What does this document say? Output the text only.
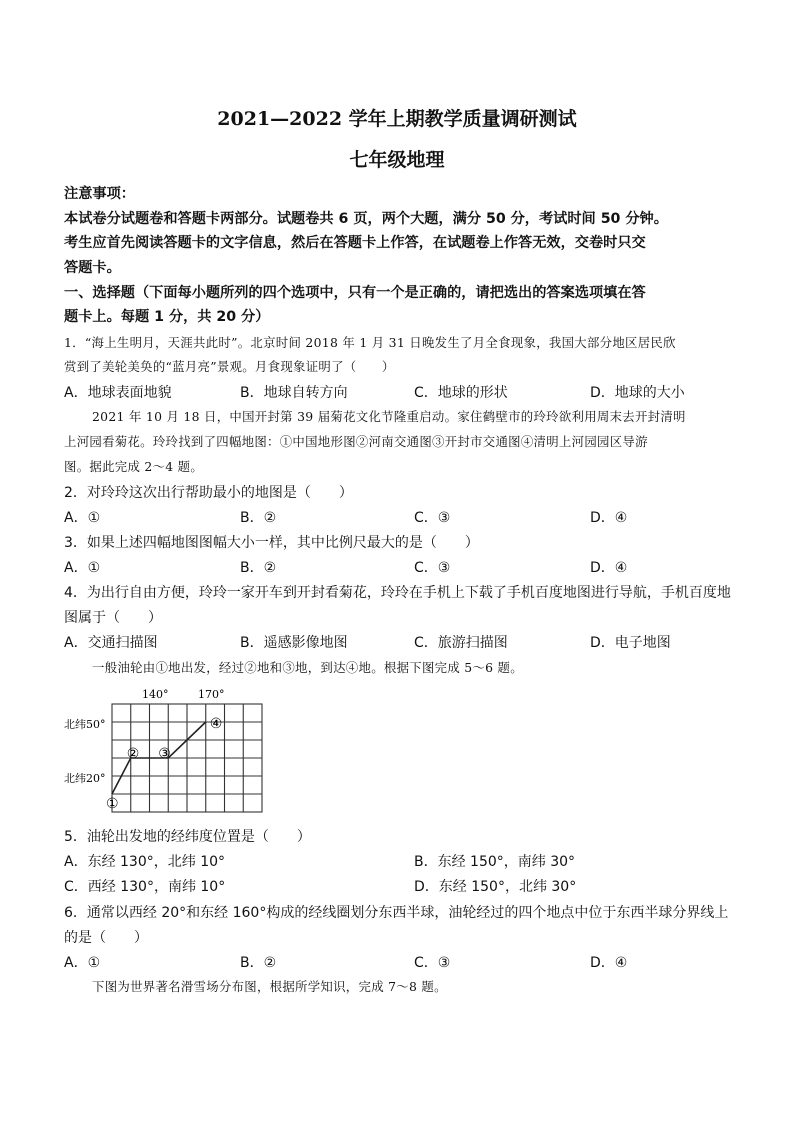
2021—2022 学年上期教学质量调研测试
七年级地理
注意事项：
本试卷分试题卷和答题卡两部分。试题卷共 6 页，两个大题，满分 50 分，考试时间 50 分钟。
考生应首先阅读答题卡的文字信息，然后在答题卡上作答，在试题卷上作答无效，交卷时只交
答题卡。
一、选择题（下面每小题所列的四个选项中，只有一个是正确的，请把选出的答案选项填在答
题卡上。每题 1 分，共 20 分）
1．“海上生明月，天涯共此时”。北京时间 2018 年 1 月 31 日晚发生了月全食现象，我国大部分地区居民欣
赏到了美轮美奂的“蓝月亮”景观。月食现象证明了（　　）
A．地球表面地貌	B．地球自转方向	C．地球的形状	D．地球的大小
2021 年 10 月 18 日，中国开封第 39 届菊花文化节隆重启动。家住鹤壁市的玲玲欲利用周末去开封清明
上河园看菊花。玲玲找到了四幅地图：①中国地形图②河南交通图③开封市交通图④清明上河园园区导游
图。据此完成 2～4 题。
2．对玲玲这次出行帮助最小的地图是（　　）
A．①	B．②	C．③	D．④
3．如果上述四幅地图图幅大小一样，其中比例尺最大的是（　　）
A．①	B．②	C．③	D．④
4．为出行自由方便，玲玲一家开车到开封看菊花，玲玲在手机上下载了手机百度地图进行导航，手机百度地
图属于（　　）
A．交通扫描图	B．遥感影像地图	C．旅游扫描图	D．电子地图
一般油轮由①地出发，经过②地和③地，到达④地。根据下图完成 5～6 题。
①
② ③
④
140°	170°
北纬50°
北纬20°
5．油轮出发地的经纬度位置是（　　）
A．东经 130°，北纬 10°	B．东经 150°，南纬 30°
C．西经 130°，南纬 10°	D．东经 150°，北纬 30°
6．通常以西经 20°和东经 160°构成的经线圈划分东西半球，油轮经过的四个地点中位于东西半球分界线上
的是（　　）
A．①	B．②	C．③	D．④
下图为世界著名滑雪场分布图，根据所学知识，完成 7～8 题。
